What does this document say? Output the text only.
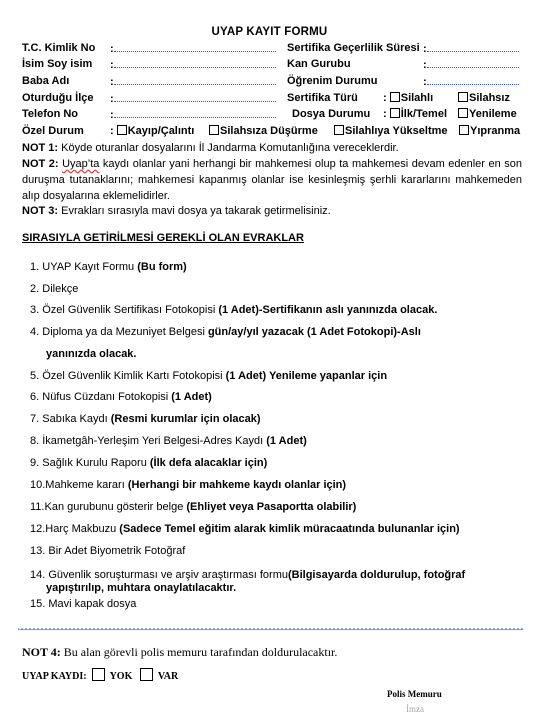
UYAP KAYIT FORMU
T.C. Kimlik No :
İsim Soy isim :
Baba Adı	:
Oturduğu İlçe :
Telefon No	:
Sertifika Geçerlilik Süresi :
Kan Gurubu	:
Öğrenim Durumu	:
Sertifika Türü : Silahlı	Silahsız
Dosya Durumu : İlk/Temel	Yenileme
Özel Durum : Kayıp/Çalıntı	Silahsıza Düşürme	Silahlıya Yükseltme	Yıpranma
NOT 1: Köyde oturanlar dosyalarını İl Jandarma Komutanlığına vereceklerdir.
NOT 2: Uyap’ta kaydı olanlar yani herhangi bir mahkemesi olup ta mahkemesi devam edenler en son duruşma tutanaklarını; mahkemesi kapanmış olanlar ise kesinleşmiş şerhli kararlarını mahkemeden alıp dosyalarına eklemelidirler.
NOT 3: Evrakları sırasıyla mavi dosya ya takarak getirmelisiniz.
SIRASIYLA GETİRİLMESİ GEREKLİ OLAN EVRAKLAR
1. UYAP Kayıt Formu (Bu form)
2. Dilekçe
3. Özel Güvenlik Sertifikası Fotokopisi (1 Adet)-Sertifikanın aslı yanınızda olacak.
4. Diploma ya da Mezuniyet Belgesi gün/ay/yıl yazacak (1 Adet Fotokopi)-Aslı
yanınızda olacak.
5. Özel Güvenlik Kimlik Kartı Fotokopisi (1 Adet) Yenileme yapanlar için
6. Nüfus Cüzdanı Fotokopisi (1 Adet)
7. Sabıka Kaydı (Resmi kurumlar için olacak)
8. İkametgâh-Yerleşim Yeri Belgesi-Adres Kaydı (1 Adet)
9. Sağlık Kurulu Raporu (İlk defa alacaklar için)
10.Mahkeme kararı (Herhangi bir mahkeme kaydı olanlar için)
11.Kan gurubunu gösterir belge (Ehliyet veya Pasaportta olabilir)
12.Harç Makbuzu (Sadece Temel eğitim alarak kimlik müracaatında bulunanlar için)
13. Bir Adet Biyometrik Fotoğraf
14. Güvenlik soruşturması ve arşiv araştırması formu(Bilgisayarda doldurulup, fotoğraf
yapıştırılıp, muhtara onaylatılacaktır.
15. Mavi kapak dosya
NOT 4: Bu alan görevli polis memuru tarafından doldurulacaktır.
UYAP KAYDI: YOK	VAR
Polis Memuru
İmza
